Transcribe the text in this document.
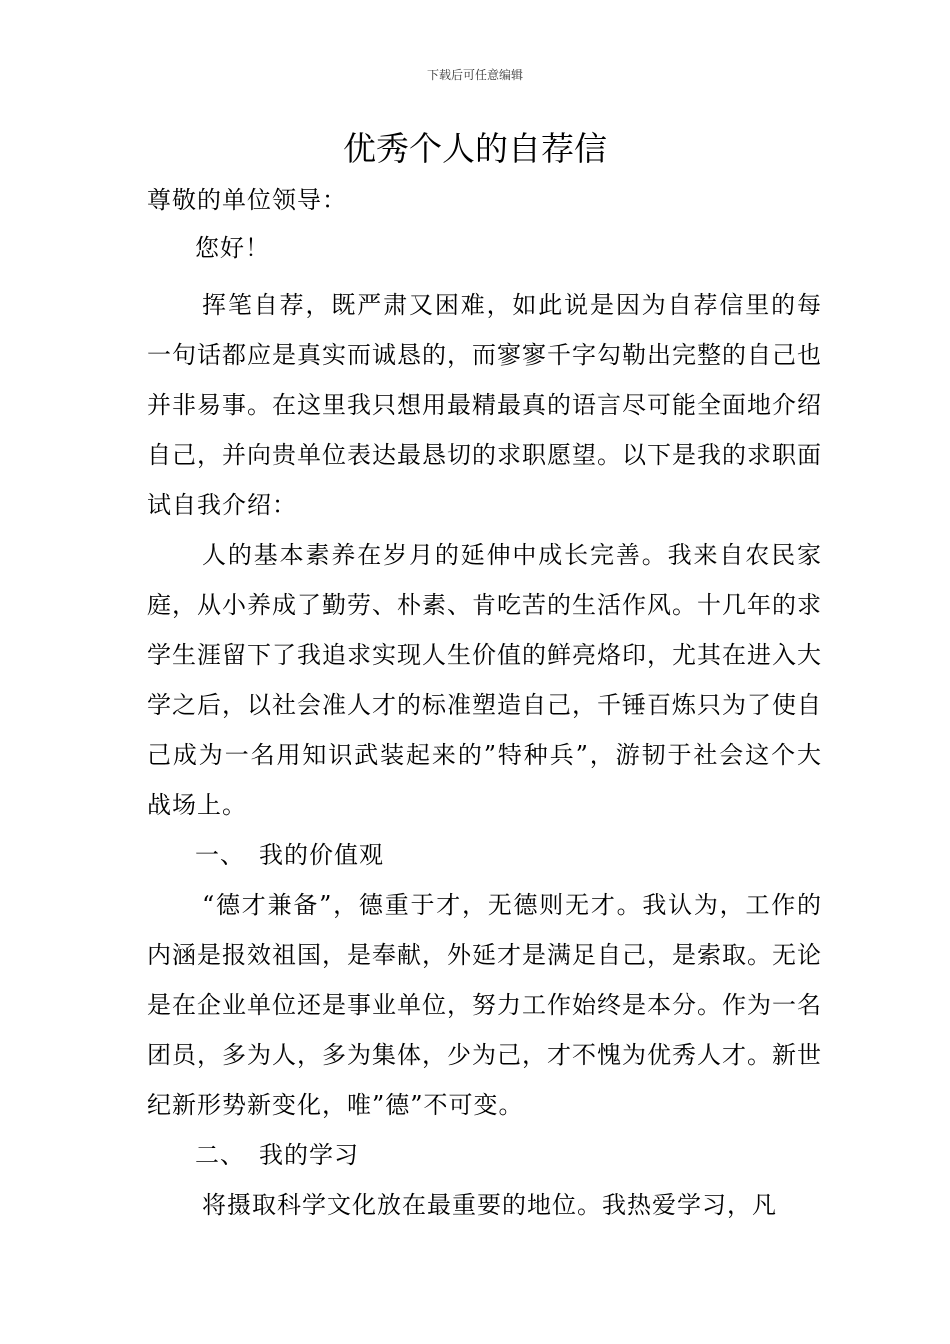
下载后可任意编辑
优秀个人的自荐信

尊敬的单位领导：

您好！

挥笔自荐，既严肃又困难，如此说是因为自荐信里的每一句话都应是真实而诚恳的，而寥寥千字勾勒出完整的自己也并非易事。在这里我只想用最精最真的语言尽可能全面地介绍自己，并向贵单位表达最恳切的求职愿望。以下是我的求职面试自我介绍：

人的基本素养在岁月的延伸中成长完善。我来自农民家庭，从小养成了勤劳、朴素、肯吃苦的生活作风。十几年的求学生涯留下了我追求实现人生价值的鲜亮烙印，尤其在进入大学之后，以社会准人才的标准塑造自己，千锤百炼只为了使自己成为一名用知识武装起来的”特种兵”，游韧于社会这个大战场上。

一、 我的价值观

“德才兼备”，德重于才，无德则无才。我认为，工作的内涵是报效祖国，是奉献，外延才是满足自己，是索取。无论是在企业单位还是事业单位，努力工作始终是本分。作为一名团员，多为人，多为集体，少为己，才不愧为优秀人才。新世纪新形势新变化，唯”德”不可变。

二、 我的学习

将摄取科学文化放在最重要的地位。我热爱学习，凡
